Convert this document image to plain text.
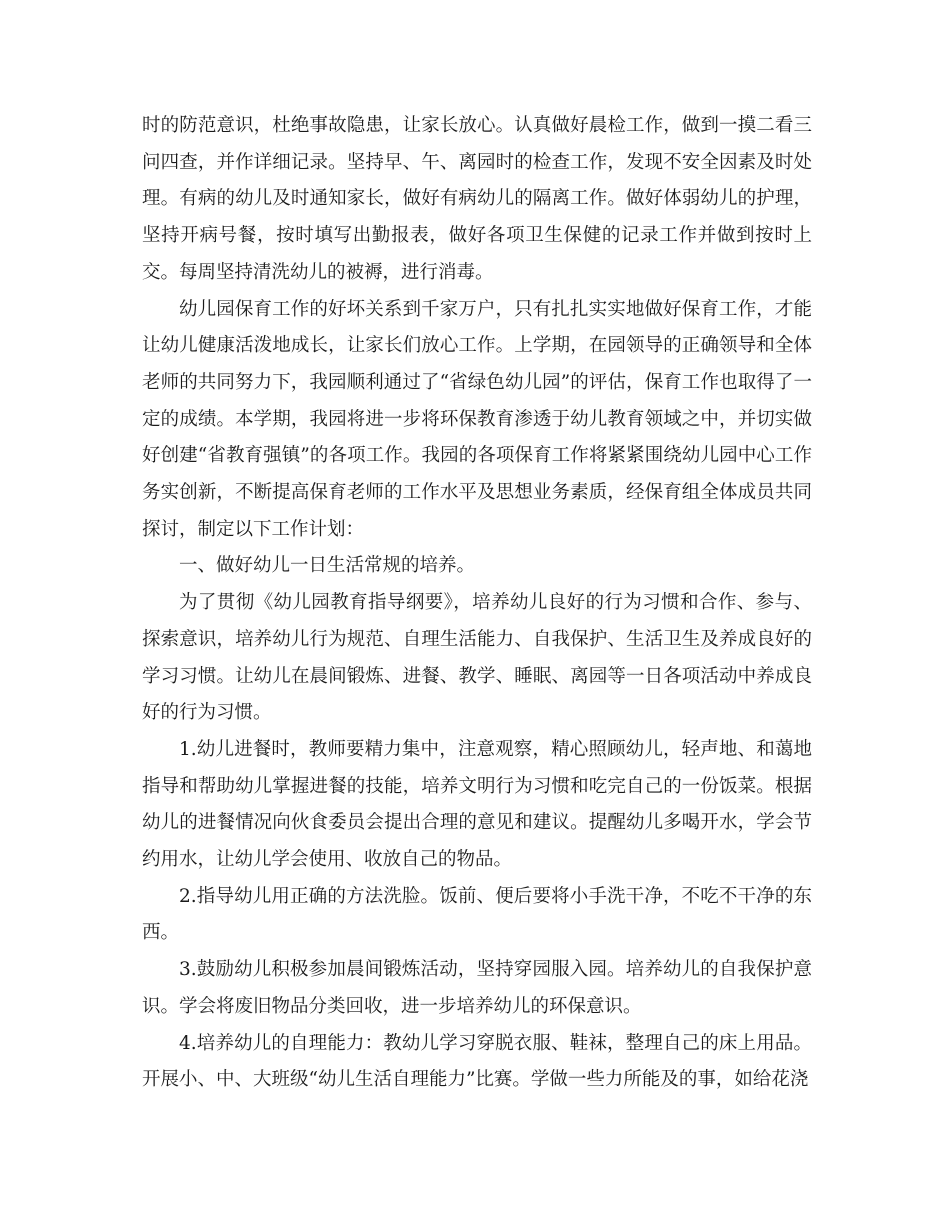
时的防范意识，杜绝事故隐患，让家长放心。认真做好晨检工作，做到一摸二看三问四查，并作详细记录。坚持早、午、离园时的检查工作，发现不安全因素及时处理。有病的幼儿及时通知家长，做好有病幼儿的隔离工作。做好体弱幼儿的护理，坚持开病号餐，按时填写出勤报表，做好各项卫生保健的记录工作并做到按时上交。每周坚持清洗幼儿的被褥，进行消毒。

幼儿园保育工作的好坏关系到千家万户，只有扎扎实实地做好保育工作，才能让幼儿健康活泼地成长，让家长们放心工作。上学期，在园领导的正确领导和全体老师的共同努力下，我园顺利通过了“省绿色幼儿园”的评估，保育工作也取得了一定的成绩。本学期，我园将进一步将环保教育渗透于幼儿教育领域之中，并切实做好创建“省教育强镇”的各项工作。我园的各项保育工作将紧紧围绕幼儿园中心工作务实创新，不断提高保育老师的工作水平及思想业务素质，经保育组全体成员共同探讨，制定以下工作计划：

一、做好幼儿一日生活常规的培养。

为了贯彻《幼儿园教育指导纲要》，培养幼儿良好的行为习惯和合作、参与、探索意识，培养幼儿行为规范、自理生活能力、自我保护、生活卫生及养成良好的学习习惯。让幼儿在晨间锻炼、进餐、教学、睡眠、离园等一日各项活动中养成良好的行为习惯。

1.幼儿进餐时，教师要精力集中，注意观察，精心照顾幼儿，轻声地、和蔼地指导和帮助幼儿掌握进餐的技能，培养文明行为习惯和吃完自己的一份饭菜。根据幼儿的进餐情况向伙食委员会提出合理的意见和建议。提醒幼儿多喝开水，学会节约用水，让幼儿学会使用、收放自己的物品。

2.指导幼儿用正确的方法洗脸。饭前、便后要将小手洗干净，不吃不干净的东西。

3.鼓励幼儿积极参加晨间锻炼活动，坚持穿园服入园。培养幼儿的自我保护意识。学会将废旧物品分类回收，进一步培养幼儿的环保意识。

4.培养幼儿的自理能力：教幼儿学习穿脱衣服、鞋袜，整理自己的床上用品。开展小、中、大班级“幼儿生活自理能力”比赛。学做一些力所能及的事，如给花浇
